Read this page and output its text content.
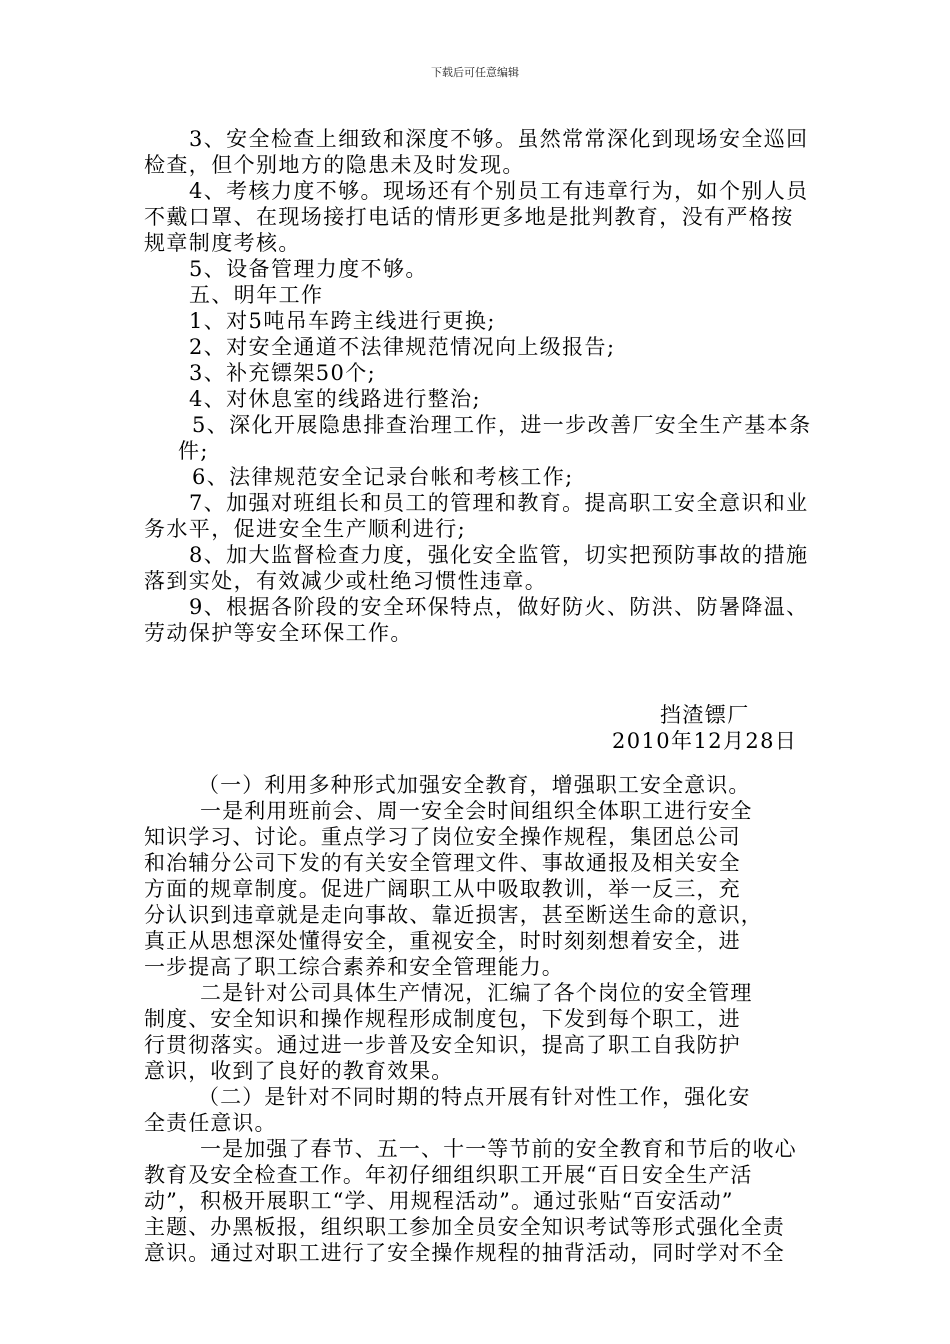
下载后可任意编辑
3、安全检查上细致和深度不够。虽然常常深化到现场安全巡回
检查，但个别地方的隐患未及时发现。
4、考核力度不够。现场还有个别员工有违章行为，如个别人员
不戴口罩、在现场接打电话的情形更多地是批判教育，没有严格按
规章制度考核。
5、设备管理力度不够。
五、明年工作
1、对5吨吊车跨主线进行更换;
2、对安全通道不法律规范情况向上级报告;
3、补充镖架50个;
4、对休息室的线路进行整治;
5、深化开展隐患排查治理工作，进一步改善厂安全生产基本条
件;
6、法律规范安全记录台帐和考核工作;
7、加强对班组长和员工的管理和教育。提高职工安全意识和业
务水平，促进安全生产顺利进行;
8、加大监督检查力度，强化安全监管，切实把预防事故的措施
落到实处，有效减少或杜绝习惯性违章。
9、根据各阶段的安全环保特点，做好防火、防洪、防暑降温、
劳动保护等安全环保工作。
挡渣镖厂
2010年12月28日
（一）利用多种形式加强安全教育，增强职工安全意识。
一是利用班前会、周一安全会时间组织全体职工进行安全
知识学习、讨论。重点学习了岗位安全操作规程，集团总公司
和冶辅分公司下发的有关安全管理文件、事故通报及相关安全
方面的规章制度。促进广阔职工从中吸取教训，举一反三，充
分认识到违章就是走向事故、靠近损害，甚至断送生命的意识，
真正从思想深处懂得安全，重视安全，时时刻刻想着安全，进
一步提高了职工综合素养和安全管理能力。
二是针对公司具体生产情况，汇编了各个岗位的安全管理
制度、安全知识和操作规程形成制度包，下发到每个职工，进
行贯彻落实。通过进一步普及安全知识，提高了职工自我防护
意识，收到了良好的教育效果。
（二）是针对不同时期的特点开展有针对性工作，强化安
全责任意识。
一是加强了春节、五一、十一等节前的安全教育和节后的收心
教育及安全检查工作。年初仔细组织职工开展“百日安全生产活
动”，积极开展职工“学、用规程活动”。通过张贴“百安活动”
主题、办黑板报，组织职工参加全员安全知识考试等形式强化全责
意识。通过对职工进行了安全操作规程的抽背活动，同时学对不全
